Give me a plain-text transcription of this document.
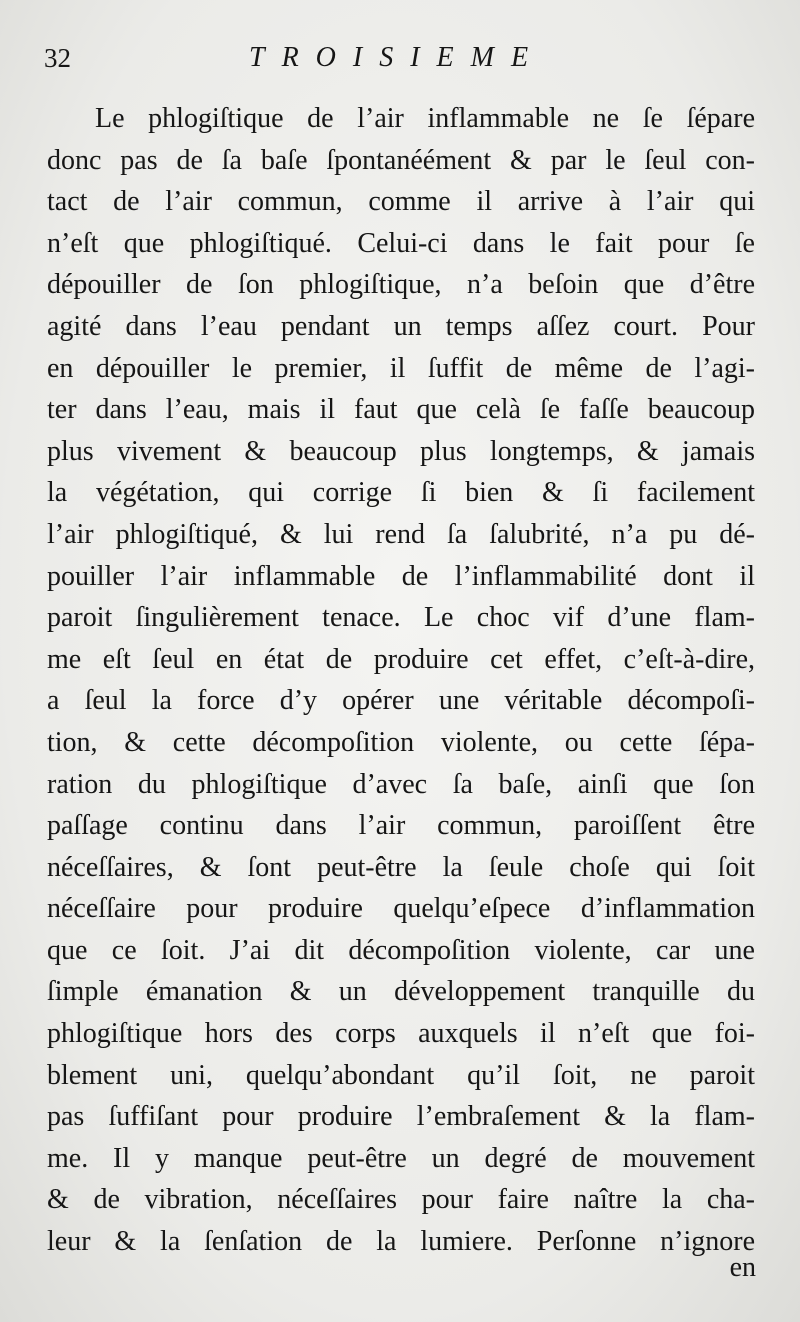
32	TROISIEME
Le phlogiſtique de l’air inflammable ne ſe ſépare
donc pas de ſa baſe ſpontanéément & par le ſeul con-
tact de l’air commun, comme il arrive à l’air qui
n’eſt que phlogiſtiqué. Celui-ci dans le fait pour ſe
dépouiller de ſon phlogiſtique, n’a beſoin que d’être
agité dans l’eau pendant un temps aſſez court. Pour
en dépouiller le premier, il ſuffit de même de l’agi-
ter dans l’eau, mais il faut que celà ſe faſſe beaucoup
plus vivement & beaucoup plus longtemps, & jamais
la végétation, qui corrige ſi bien & ſi facilement
l’air phlogiſtiqué, & lui rend ſa ſalubrité, n’a pu dé-
pouiller l’air inflammable de l’inflammabilité dont il
paroit ſingulièrement tenace. Le choc vif d’une flam-
me eſt ſeul en état de produire cet effet, c’eſt-à-dire,
a ſeul la force d’y opérer une véritable décompoſi-
tion, & cette décompoſition violente, ou cette ſépa-
ration du phlogiſtique d’avec ſa baſe, ainſi que ſon
paſſage continu dans l’air commun, paroiſſent être
néceſſaires, & ſont peut-être la ſeule choſe qui ſoit
néceſſaire pour produire quelqu’eſpece d’inflammation
que ce ſoit. J’ai dit décompoſition violente, car une
ſimple émanation & un développement tranquille du
phlogiſtique hors des corps auxquels il n’eſt que foi-
blement uni, quelqu’abondant qu’il ſoit, ne paroit
pas ſuffiſant pour produire l’embraſement & la flam-
me. Il y manque peut-être un degré de mouvement
& de vibration, néceſſaires pour faire naître la cha-
leur & la ſenſation de la lumiere. Perſonne n’ignore
en
